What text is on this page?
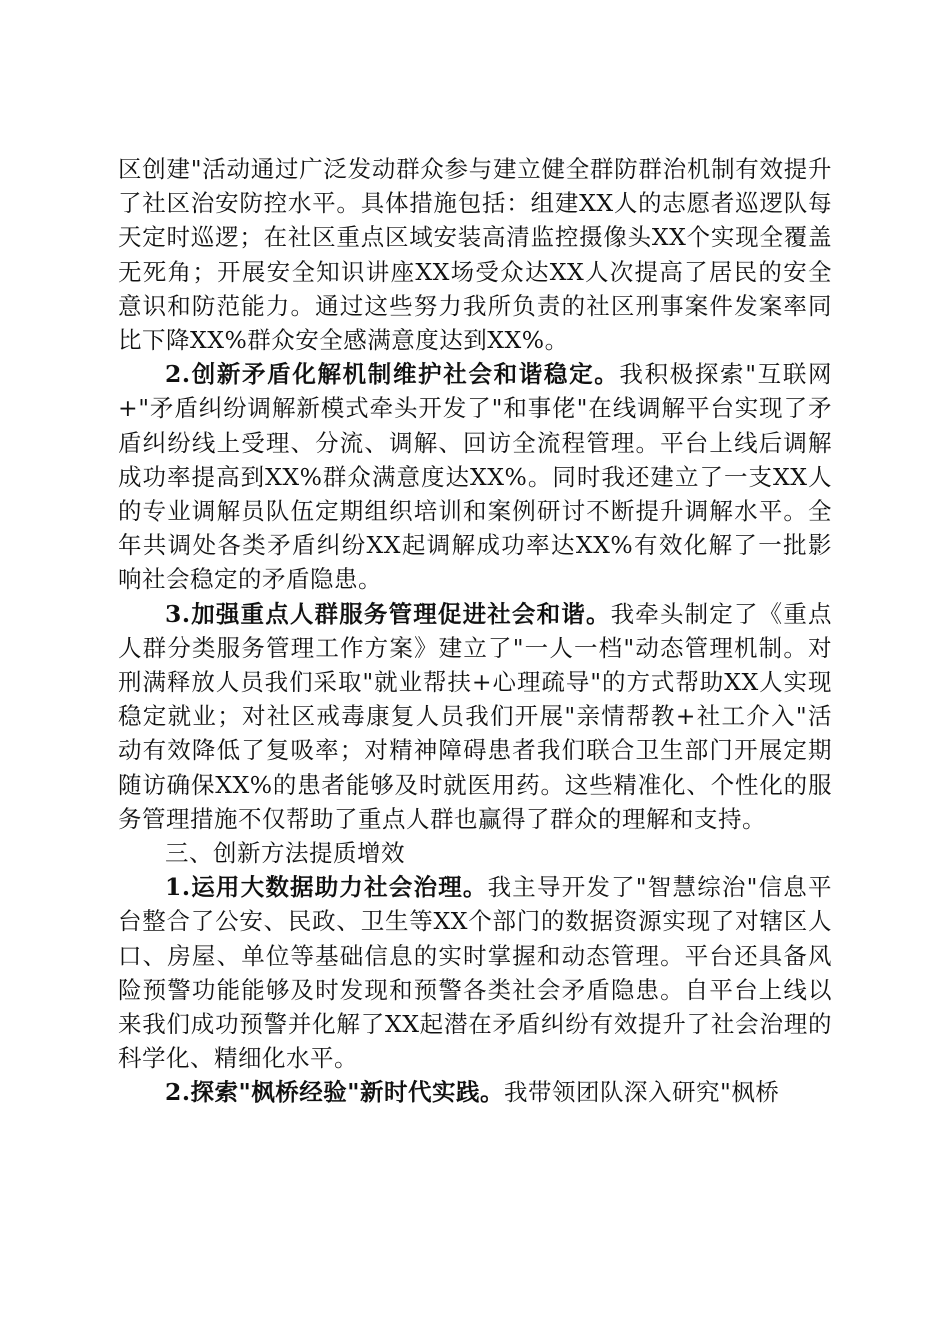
区创建"活动通过广泛发动群众参与建立健全群防群治机制有效提升了社区治安防控水平。具体措施包括：组建XX人的志愿者巡逻队每天定时巡逻；在社区重点区域安装高清监控摄像头XX个实现全覆盖无死角；开展安全知识讲座XX场受众达XX人次提高了居民的安全意识和防范能力。通过这些努力我所负责的社区刑事案件发案率同比下降XX%群众安全感满意度达到XX%。

2.创新矛盾化解机制维护社会和谐稳定。我积极探索"互联网+"矛盾纠纷调解新模式牵头开发了"和事佬"在线调解平台实现了矛盾纠纷线上受理、分流、调解、回访全流程管理。平台上线后调解成功率提高到XX%群众满意度达XX%。同时我还建立了一支XX人的专业调解员队伍定期组织培训和案例研讨不断提升调解水平。全年共调处各类矛盾纠纷XX起调解成功率达XX%有效化解了一批影响社会稳定的矛盾隐患。

3.加强重点人群服务管理促进社会和谐。我牵头制定了《重点人群分类服务管理工作方案》建立了"一人一档"动态管理机制。对刑满释放人员我们采取"就业帮扶+心理疏导"的方式帮助XX人实现稳定就业；对社区戒毒康复人员我们开展"亲情帮教+社工介入"活动有效降低了复吸率；对精神障碍患者我们联合卫生部门开展定期随访确保XX%的患者能够及时就医用药。这些精准化、个性化的服务管理措施不仅帮助了重点人群也赢得了群众的理解和支持。

三、创新方法提质增效

1.运用大数据助力社会治理。我主导开发了"智慧综治"信息平台整合了公安、民政、卫生等XX个部门的数据资源实现了对辖区人口、房屋、单位等基础信息的实时掌握和动态管理。平台还具备风险预警功能能够及时发现和预警各类社会矛盾隐患。自平台上线以来我们成功预警并化解了XX起潜在矛盾纠纷有效提升了社会治理的科学化、精细化水平。

2.探索"枫桥经验"新时代实践。我带领团队深入研究"枫桥
